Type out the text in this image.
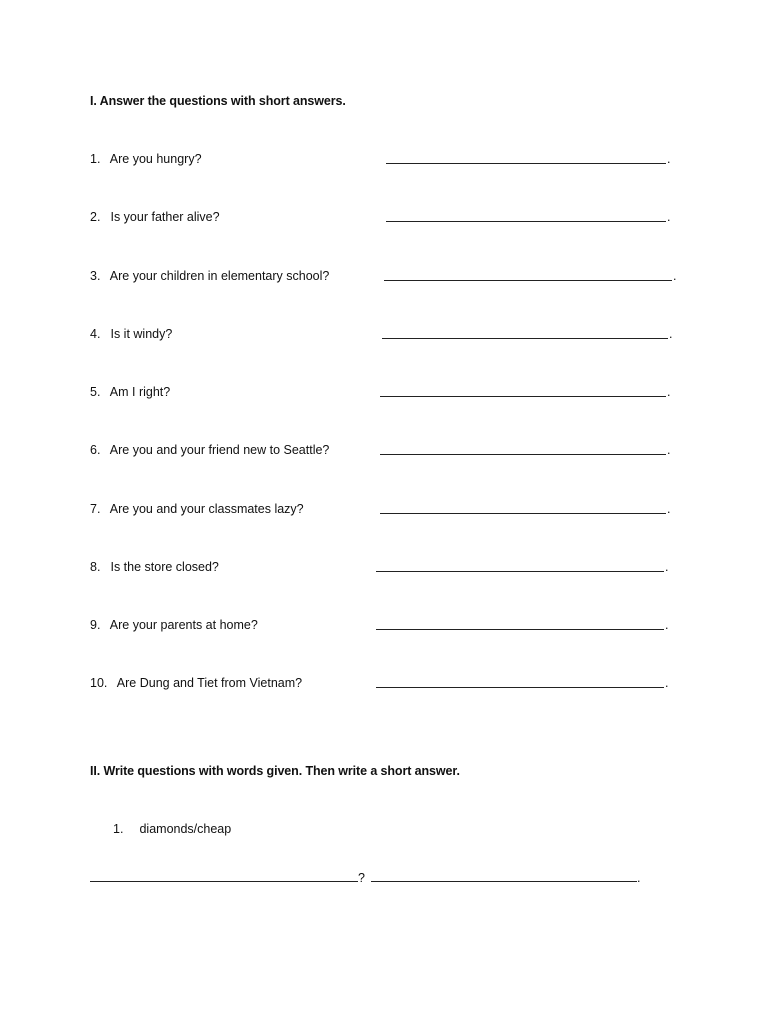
I. Answer the questions with short answers.
1. Are you hungry?	.
2. Is your father alive?	.
3. Are your children in elementary school?	.
4. Is it windy?	.
5. Am I right?	.
6. Are you and your friend new to Seattle?	.
7. Are you and your classmates lazy?	.
8. Is the store closed?	.
9. Are your parents at home?	.
10. Are Dung and Tiet from Vietnam?	.
II. Write questions with words given. Then write a short answer.
1. diamonds/cheap
?	.
